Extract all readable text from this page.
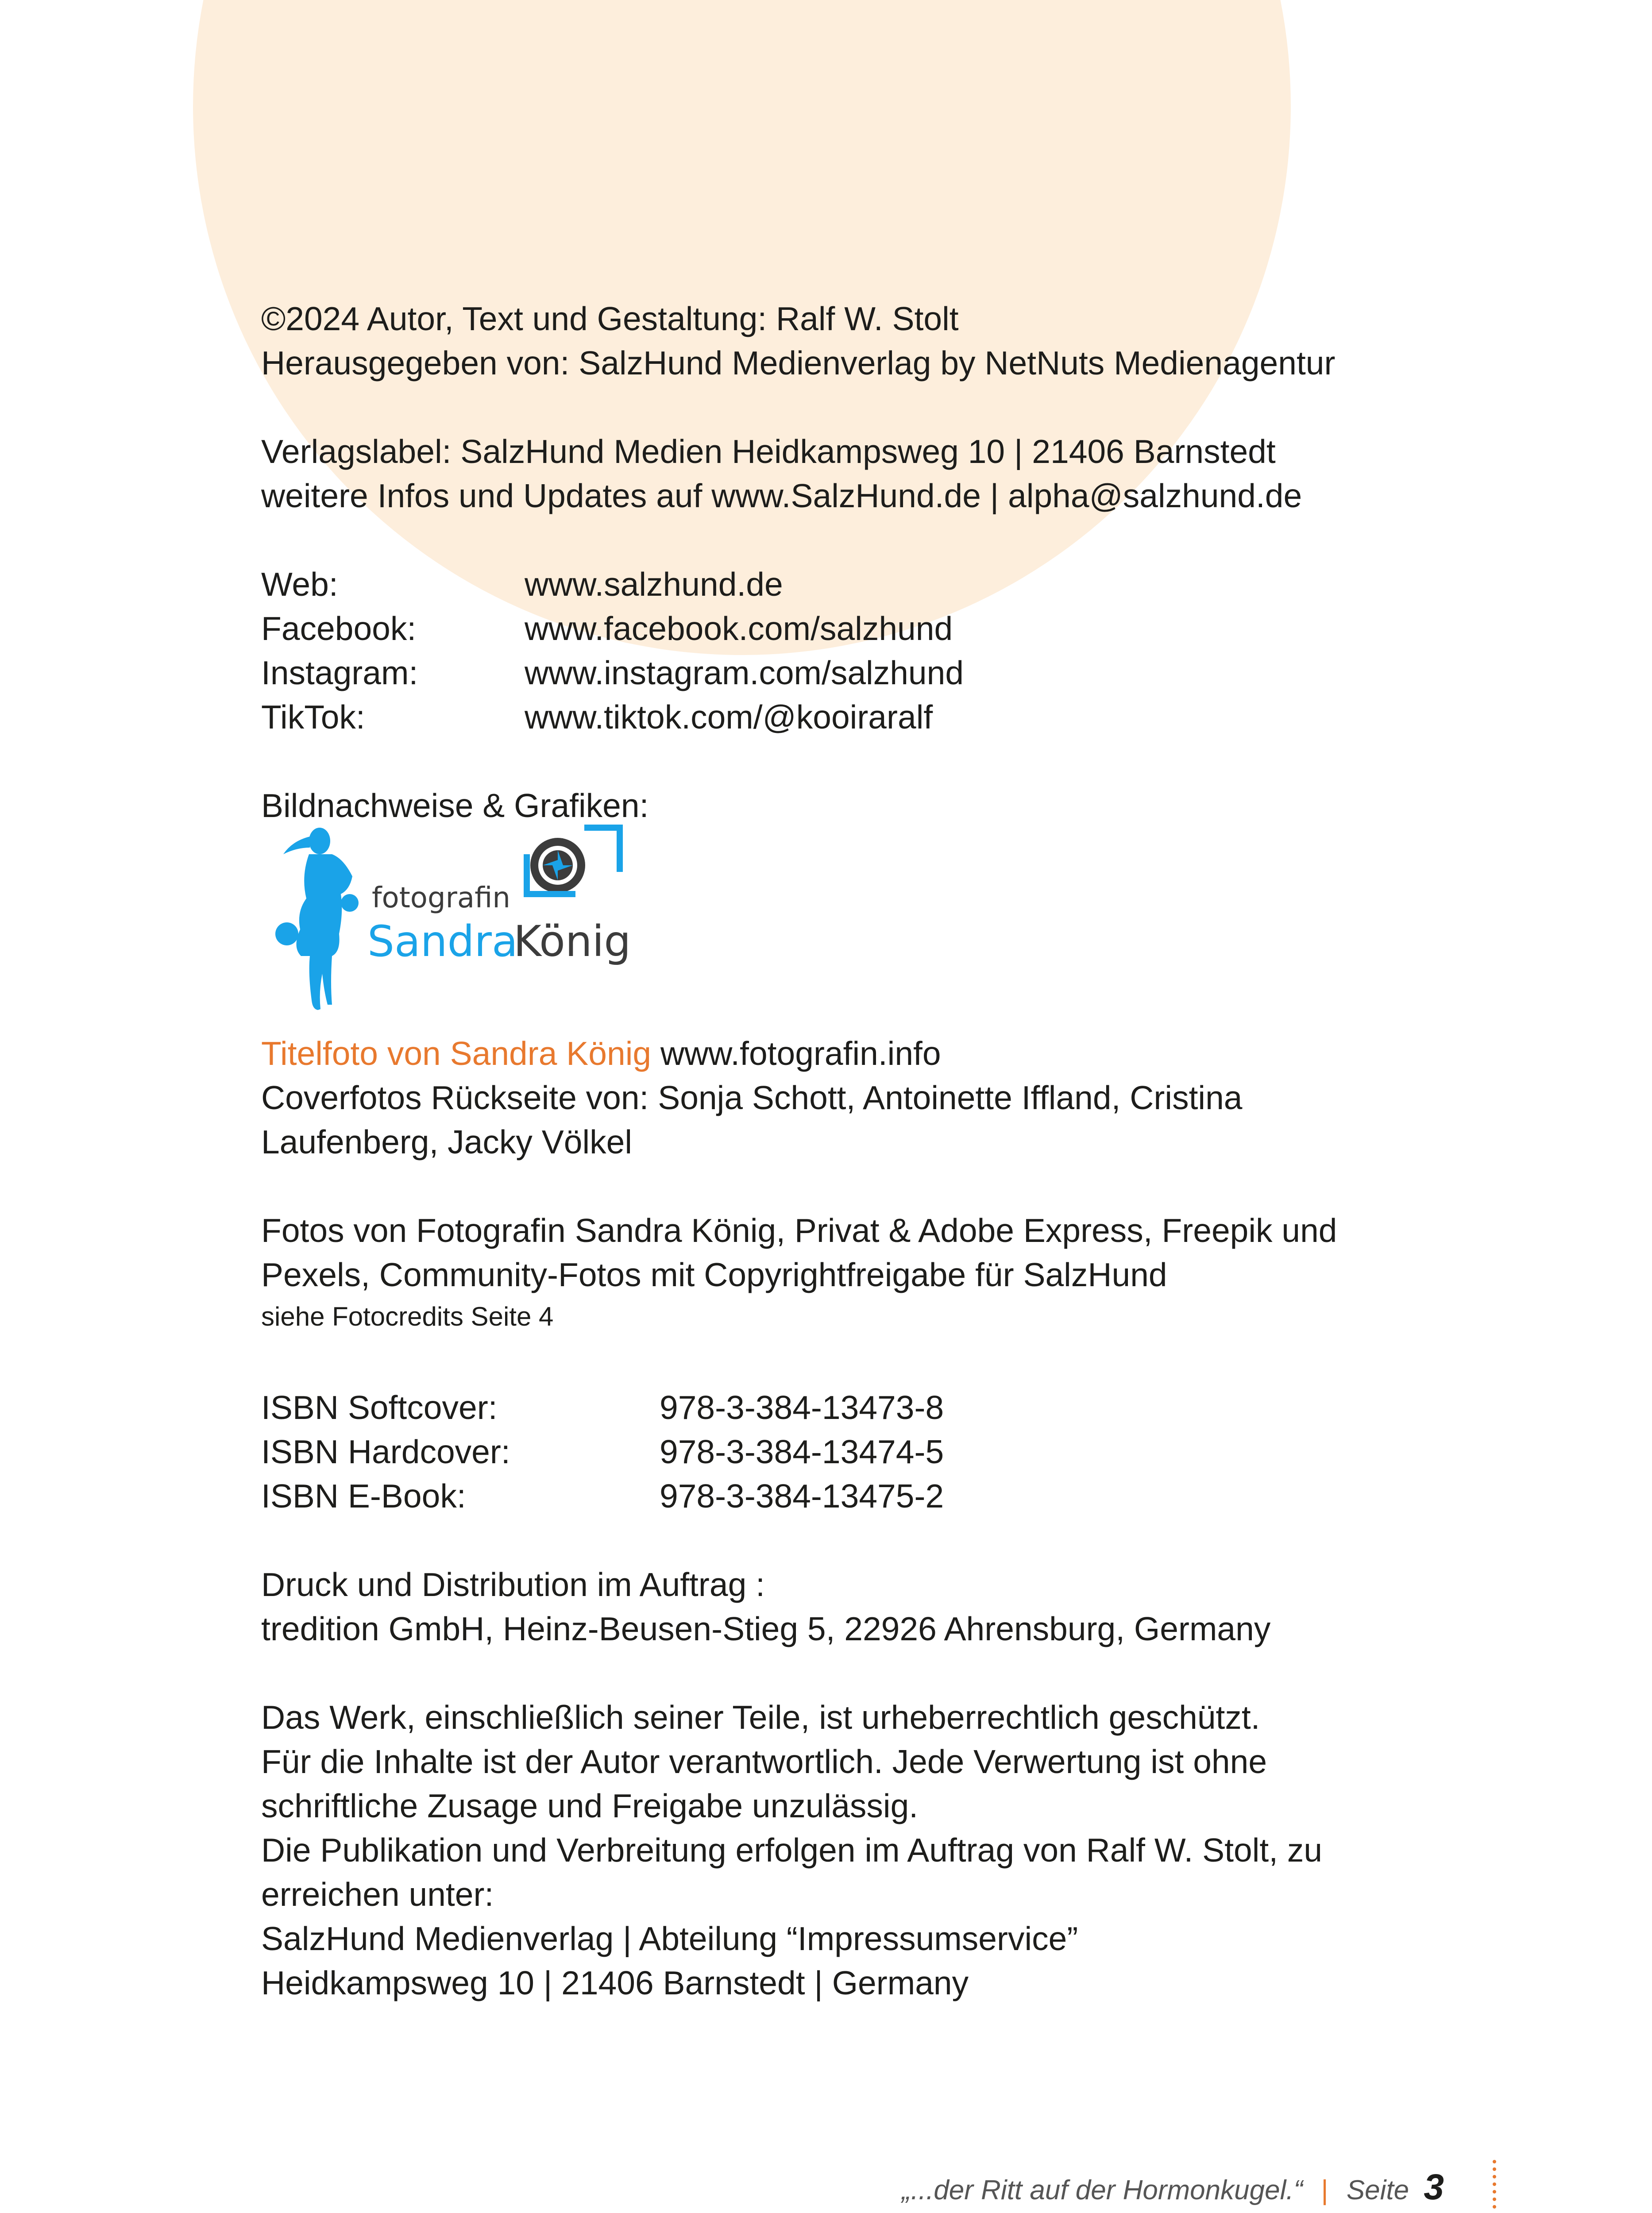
©2024 Autor, Text und Gestaltung: Ralf W. Stolt
Herausgegeben von: SalzHund Medienverlag by NetNuts Medienagentur
Verlagslabel: SalzHund Medien Heidkampsweg 10 | 21406 Barnstedt
weitere Infos und Updates auf www.SalzHund.de | alpha@salzhund.de
Web:	www.salzhund.de
Facebook:	www.facebook.com/salzhund
Instagram:	www.instagram.com/salzhund
TikTok:	www.tiktok.com/@kooiraralf
Bildnachweise & Grafiken:
Titelfoto von Sandra König www.fotografin.info
Coverfotos Rückseite von: Sonja Schott, Antoinette Iffland, Cristina
Laufenberg, Jacky Völkel
Fotos von Fotografin Sandra König, Privat & Adobe Express, Freepik und
Pexels, Community-Fotos mit Copyrightfreigabe für SalzHund
siehe Fotocredits Seite 4
ISBN Softcover:	978-3-384-13473-8
ISBN Hardcover:	978-3-384-13474-5
ISBN E-Book:	978-3-384-13475-2
Druck und Distribution im Auftrag :
tredition GmbH, Heinz-Beusen-Stieg 5, 22926 Ahrensburg, Germany
Das Werk, einschließlich seiner Teile, ist urheberrechtlich geschützt.
Für die Inhalte ist der Autor verantwortlich. Jede Verwertung ist ohne
schriftliche Zusage und Freigabe unzulässig.
Die Publikation und Verbreitung erfolgen im Auftrag von Ralf W. Stolt, zu
erreichen unter:
SalzHund Medienverlag | Abteilung “Impressumservice”
Heidkampsweg 10 | 21406 Barnstedt | Germany
fotografin
Sandra
König
„...der Ritt auf der Hormonkugel.“ | Seite 3
